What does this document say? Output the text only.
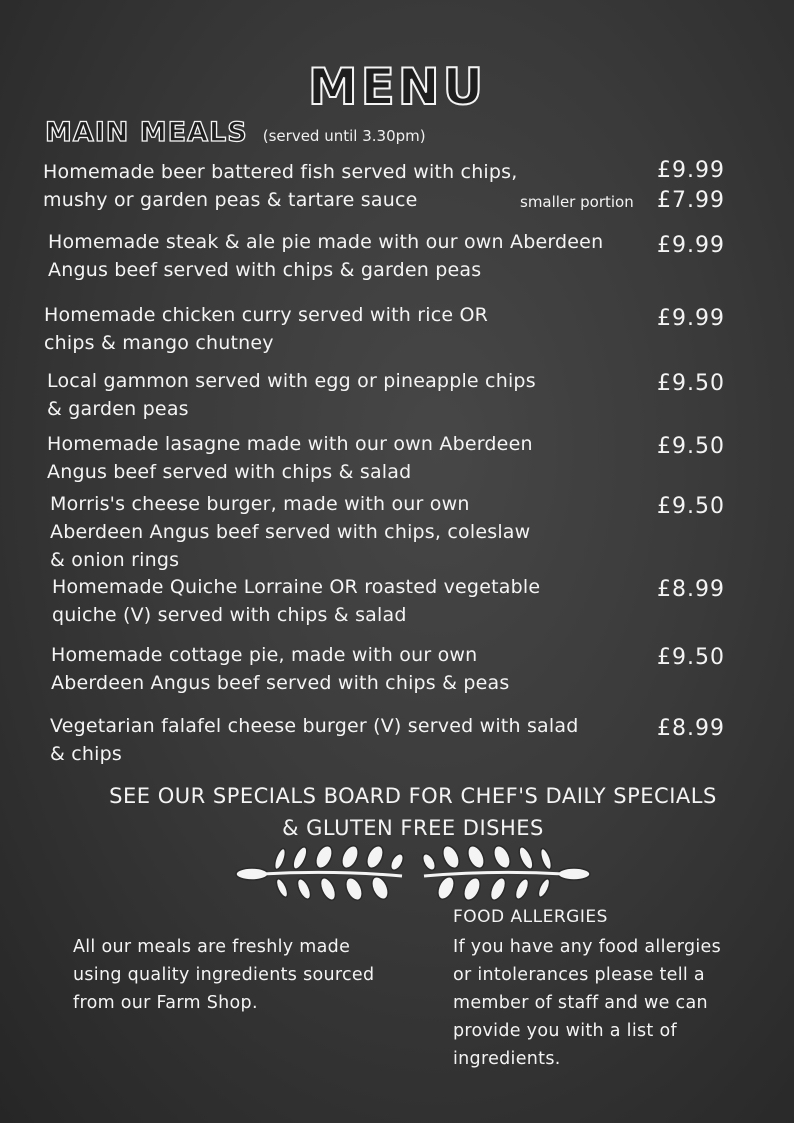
MENU
MAIN MEALS (served until 3.30pm)
Homemade beer battered fish served with chips,
mushy or garden peas & tartare sauce
£9.99
smaller portion £7.99
Homemade steak & ale pie made with our own Aberdeen
Angus beef served with chips & garden peas
£9.99
Homemade chicken curry served with rice OR
chips & mango chutney
£9.99
Local gammon served with egg or pineapple chips
& garden peas
£9.50
Homemade lasagne made with our own Aberdeen
Angus beef served with chips & salad
£9.50
Morris's cheese burger, made with our own
Aberdeen Angus beef served with chips, coleslaw
& onion rings
£9.50
Homemade Quiche Lorraine OR roasted vegetable
quiche (V) served with chips & salad
£8.99
Homemade cottage pie, made with our own
Aberdeen Angus beef served with chips & peas
£9.50
Vegetarian falafel cheese burger (V) served with salad
& chips
£8.99
SEE OUR SPECIALS BOARD FOR CHEF'S DAILY SPECIALS
& GLUTEN FREE DISHES
All our meals are freshly made
using quality ingredients sourced
from our Farm Shop.
FOOD ALLERGIES
If you have any food allergies
or intolerances please tell a
member of staff and we can
provide you with a list of
ingredients.
